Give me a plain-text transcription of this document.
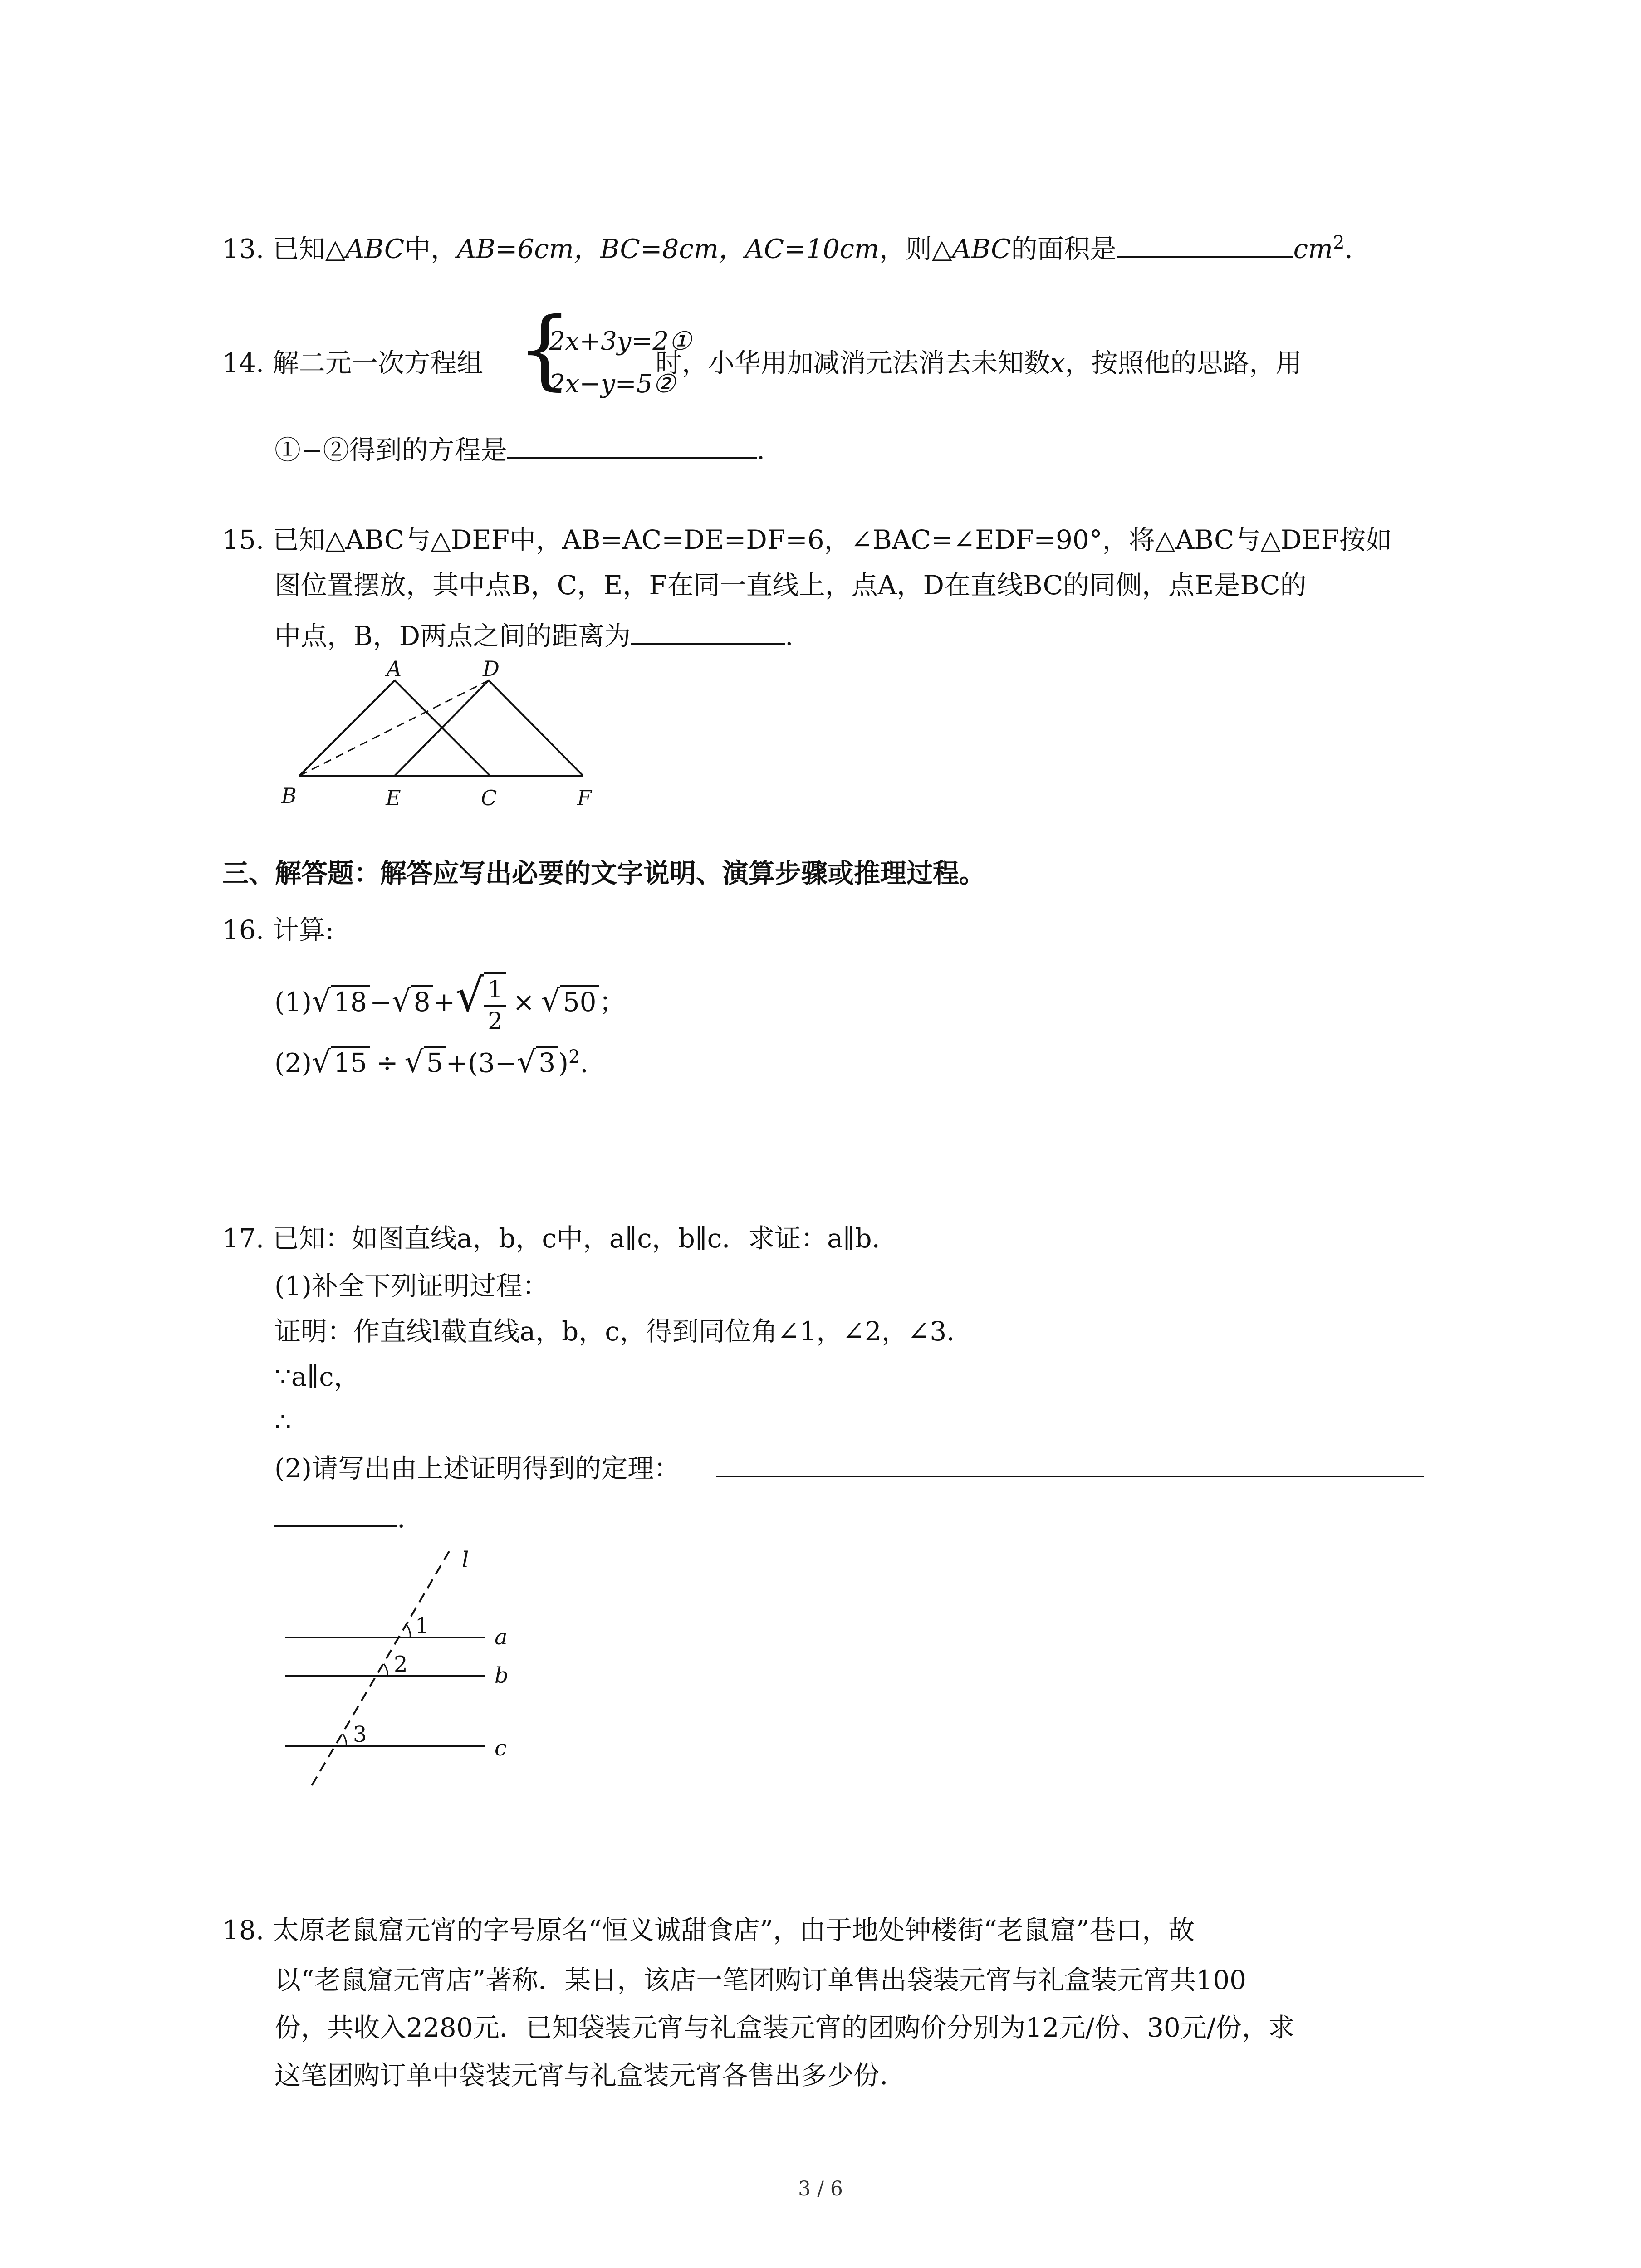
13. 已知△ABC中，AB=6cm，BC=8cm，AC=10cm，则△ABC的面积是	$cm^2$.
14. 解二元一次方程组	时，小华用加减消元法消去未知数x，按照他的思路，用
{
2x+3y=2①
2x−y=5②
①−②得到的方程是	.
15. 已知△ABC与△DEF中，AB=AC=DE=DF=6，∠BAC=∠EDF=90°，将△ABC与△DEF按如
图位置摆放，其中点B，C，E，F在同一直线上，点A，D在直线BC的同侧，点E是BC的
中点，B，D两点之间的距离为	.
A	D
B	E	C	F
三、解答题：解答应写出必要的文字说明、演算步骤或推理过程。
16. 计算:
(1)√ 18 −√ 8 +√ $\frac{1}{2}$ × √ 50 ；
(2)√ 15 ÷ √ 5 +(3−√ 3 )$^2$.
17. 已知：如图直线a，b，c中，a∥c，b∥c．求证：a∥b．
(1)补全下列证明过程：
证明：作直线l截直线a，b，c，得到同位角∠1，∠2，∠3．
∵a∥c，
∴
(2)请写出由上述证明得到的定理：
.
l
a
b
c
1
2
3
18. 太原老鼠窟元宵的字号原名“恒义诚甜食店”，由于地处钟楼街“老鼠窟”巷口，故
以“老鼠窟元宵店”著称．某日，该店一笔团购订单售出袋装元宵与礼盒装元宵共100
份，共收入2280元．已知袋装元宵与礼盒装元宵的团购价分别为12元/份、30元/份，求
这笔团购订单中袋装元宵与礼盒装元宵各售出多少份．
3 / 6
